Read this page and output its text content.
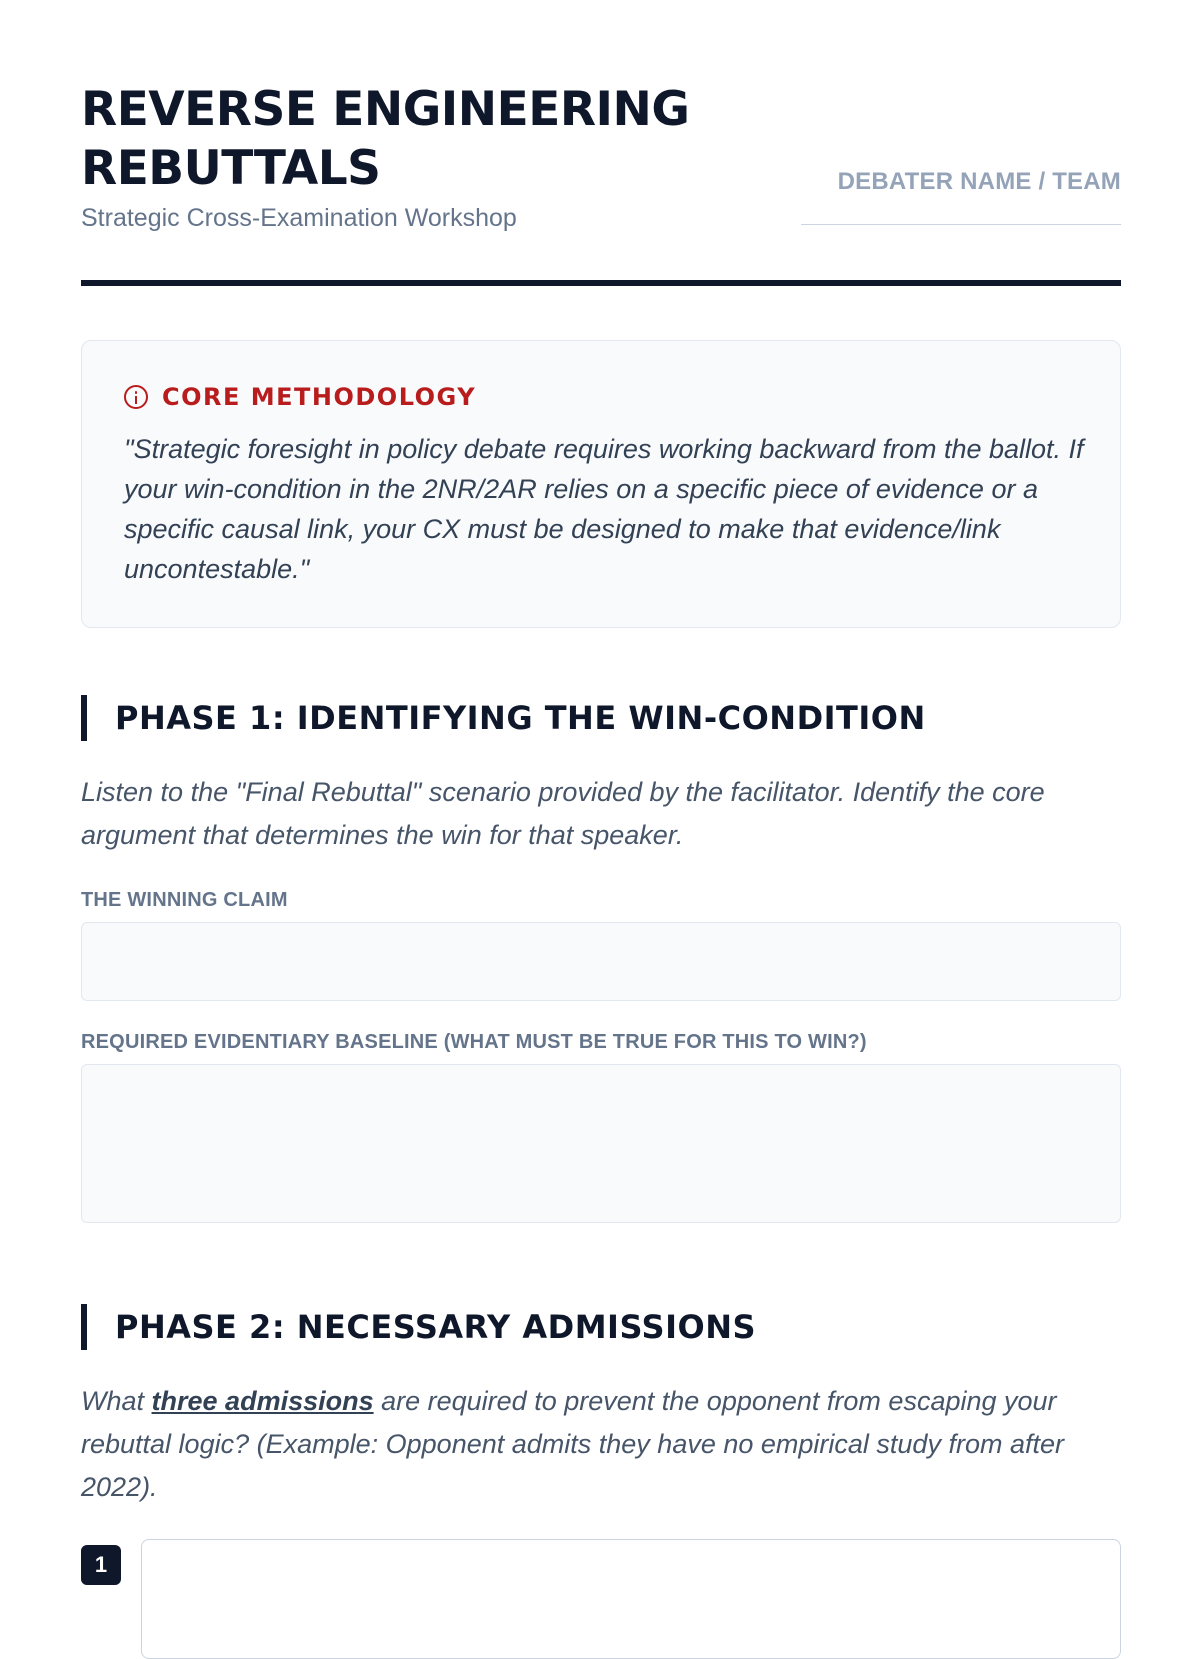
REVERSE ENGINEERING
REBUTTALS
Strategic Cross-Examination Workshop
DEBATER NAME / TEAM
CORE METHODOLOGY
"Strategic foresight in policy debate requires working backward from the ballot. If your win-condition in the 2NR/2AR relies on a specific piece of evidence or a specific causal link, your CX must be designed to make that evidence/link uncontestable."
PHASE 1: IDENTIFYING THE WIN-CONDITION
Listen to the "Final Rebuttal" scenario provided by the facilitator. Identify the core argument that determines the win for that speaker.
THE WINNING CLAIM
REQUIRED EVIDENTIARY BASELINE (WHAT MUST BE TRUE FOR THIS TO WIN?)
PHASE 2: NECESSARY ADMISSIONS
What three admissions are required to prevent the opponent from escaping your rebuttal logic? (Example: Opponent admits they have no empirical study from after 2022).
1
